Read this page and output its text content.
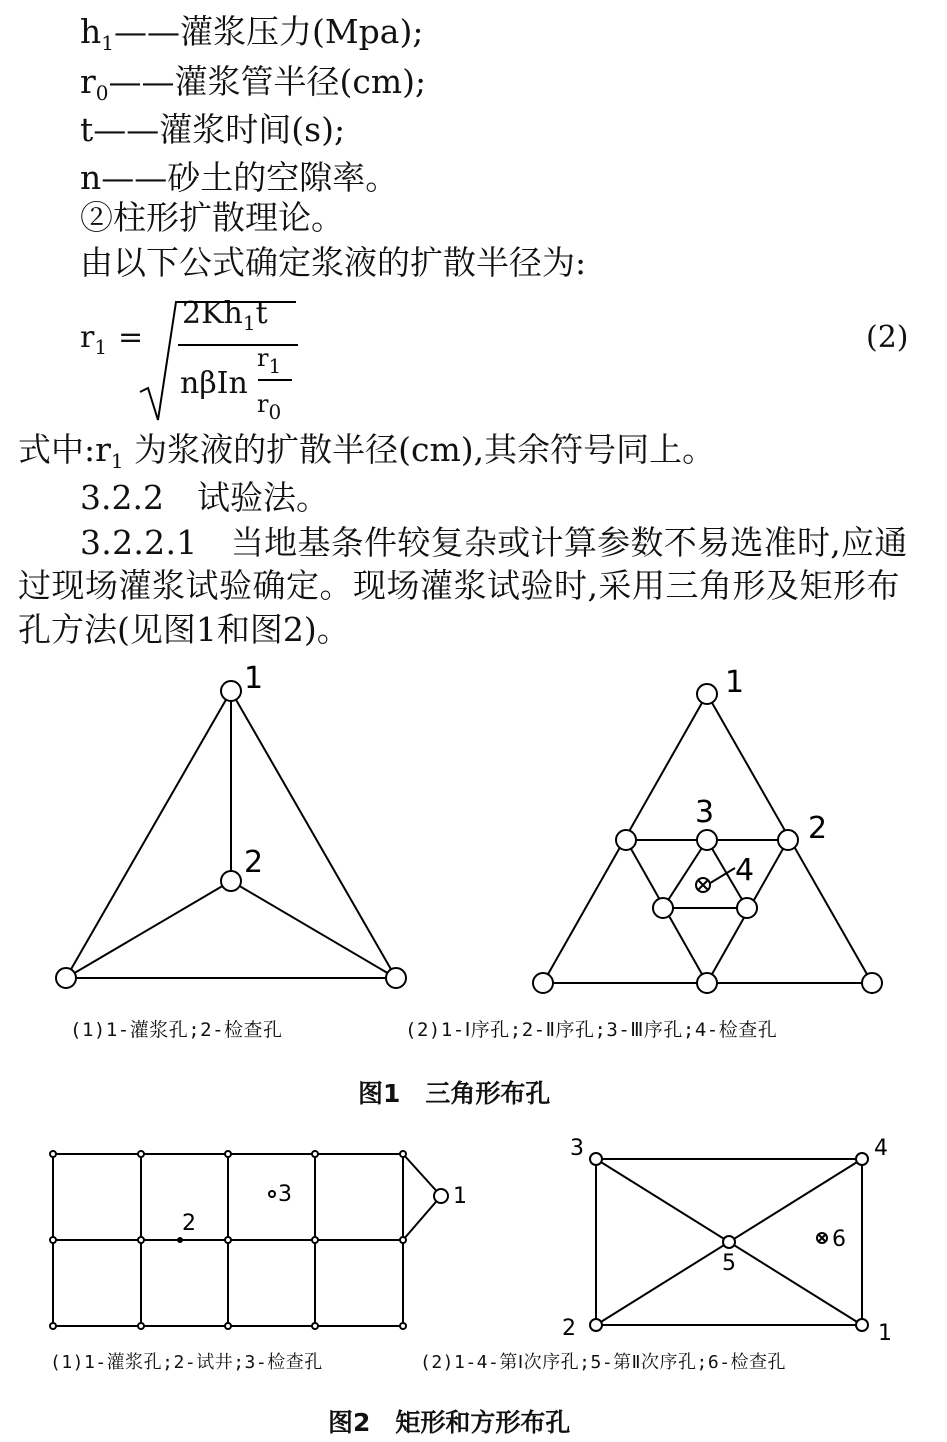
$h_1——$灌浆压力(Mpa);
$r_0——$灌浆管半径(cm);
t——灌浆时间(s);
n——砂土的空隙率。
②柱形扩散理论。
由以下公式确定浆液的扩散半径为:
$r_1$ =
$2Kh_1t$
nβIn
$r_1$
$r_0$
(2)
式中$:r_1$ 为浆液的扩散半径(cm),其余符号同上。
3.2.2　试验法。
3.2.2.1　当地基条件较复杂或计算参数不易选准时,应通
过现场灌浆试验确定。现场灌浆试验时,采用三角形及矩形布
孔方法(见图1和图2)。
1
2
1
2
3
4
1
2
3
1
2
3	4
5
6
(1)1-灌浆孔;2-检查孔	(2)1-Ⅰ序孔;2-Ⅱ序孔;3-Ⅲ序孔;4-检查孔
图1　三角形布孔
(1)1-灌浆孔;2-试井;3-检查孔	(2)1-4-第Ⅰ次序孔;5-第Ⅱ次序孔;6-检查孔
图2　矩形和方形布孔
